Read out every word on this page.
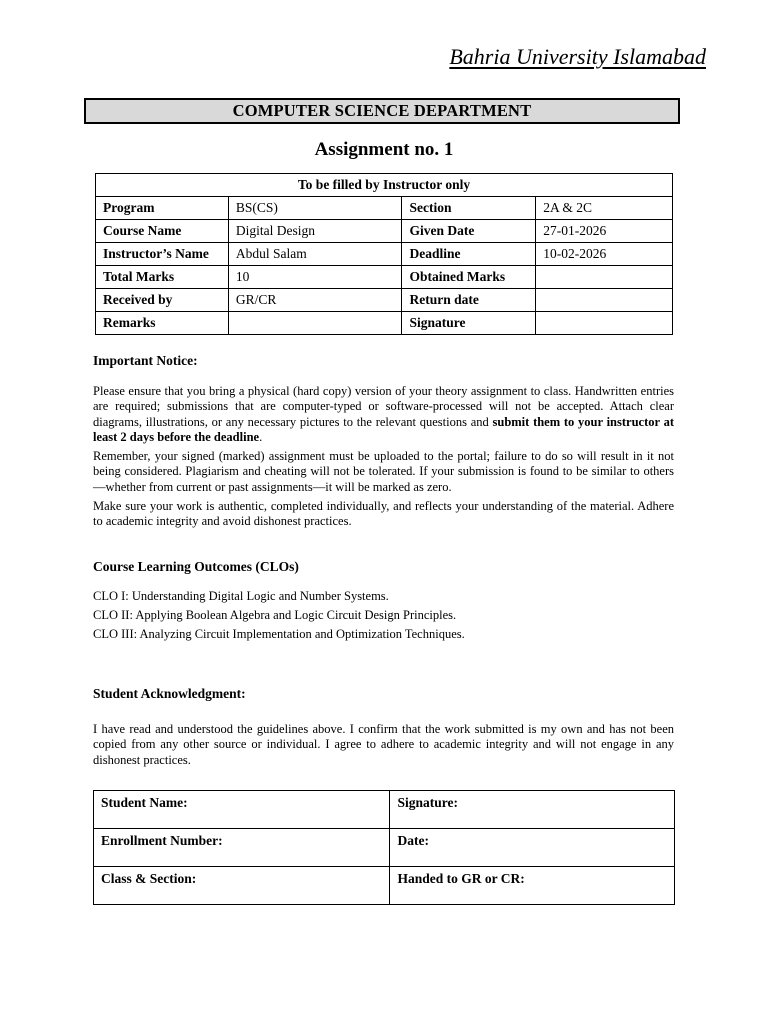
Bahria University Islamabad
COMPUTER SCIENCE DEPARTMENT
Assignment no. 1
To be filled by Instructor only			
Program	BS(CS)	Section	2A & 2C
Course Name	Digital Design	Given Date	27-01-2026
Instructor’s Name	Abdul Salam	Deadline	10-02-2026
Total Marks	10	Obtained Marks	
Received by	GR/CR	Return date	
Remarks		Signature	
Important Notice:

Please ensure that you bring a physical (hard copy) version of your theory assignment to class. Handwritten entries are required; submissions that are computer-typed or software-processed will not be accepted. Attach clear diagrams, illustrations, or any necessary pictures to the relevant questions and submit them to your instructor at least 2 days before the deadline.

Remember, your signed (marked) assignment must be uploaded to the portal; failure to do so will result in it not being considered. Plagiarism and cheating will not be tolerated. If your submission is found to be similar to others—whether from current or past assignments—it will be marked as zero.

Make sure your work is authentic, completed individually, and reflects your understanding of the material. Adhere to academic integrity and avoid dishonest practices.

Course Learning Outcomes (CLOs)

CLO I: Understanding Digital Logic and Number Systems.

CLO II: Applying Boolean Algebra and Logic Circuit Design Principles.

CLO III: Analyzing Circuit Implementation and Optimization Techniques.

Student Acknowledgment:

I have read and understood the guidelines above. I confirm that the work submitted is my own and has not been copied from any other source or individual. I agree to adhere to academic integrity and will not engage in any dishonest practices.

Student Name:	Signature:
Enrollment Number:	Date:
Class & Section:	Handed to GR or CR:
